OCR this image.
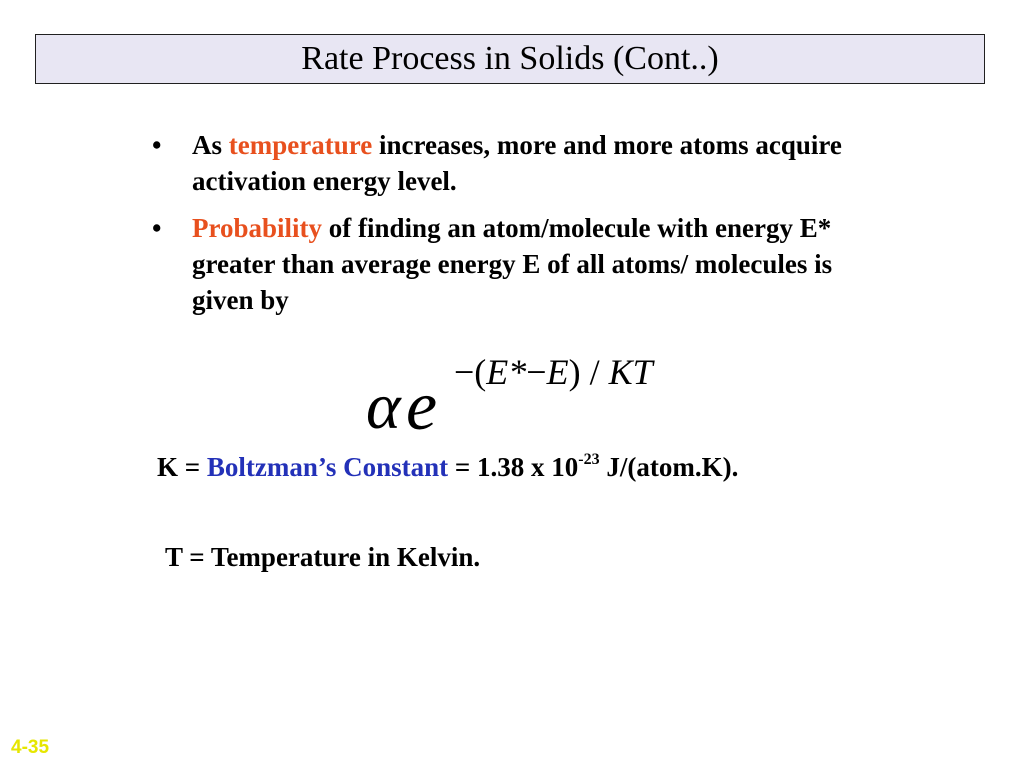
Rate Process in Solids (Cont..)
•	As temperature increases, more and more atoms acquire activation energy level.
•	Probability of finding an atom/molecule with energy E* greater than average energy E of all atoms/ molecules is given by
α e −(E*−E) / KT
K = Boltzman’s Constant = 1.38 x $10^{-23}$ J/(atom.K).
T = Temperature in Kelvin.
4-35
